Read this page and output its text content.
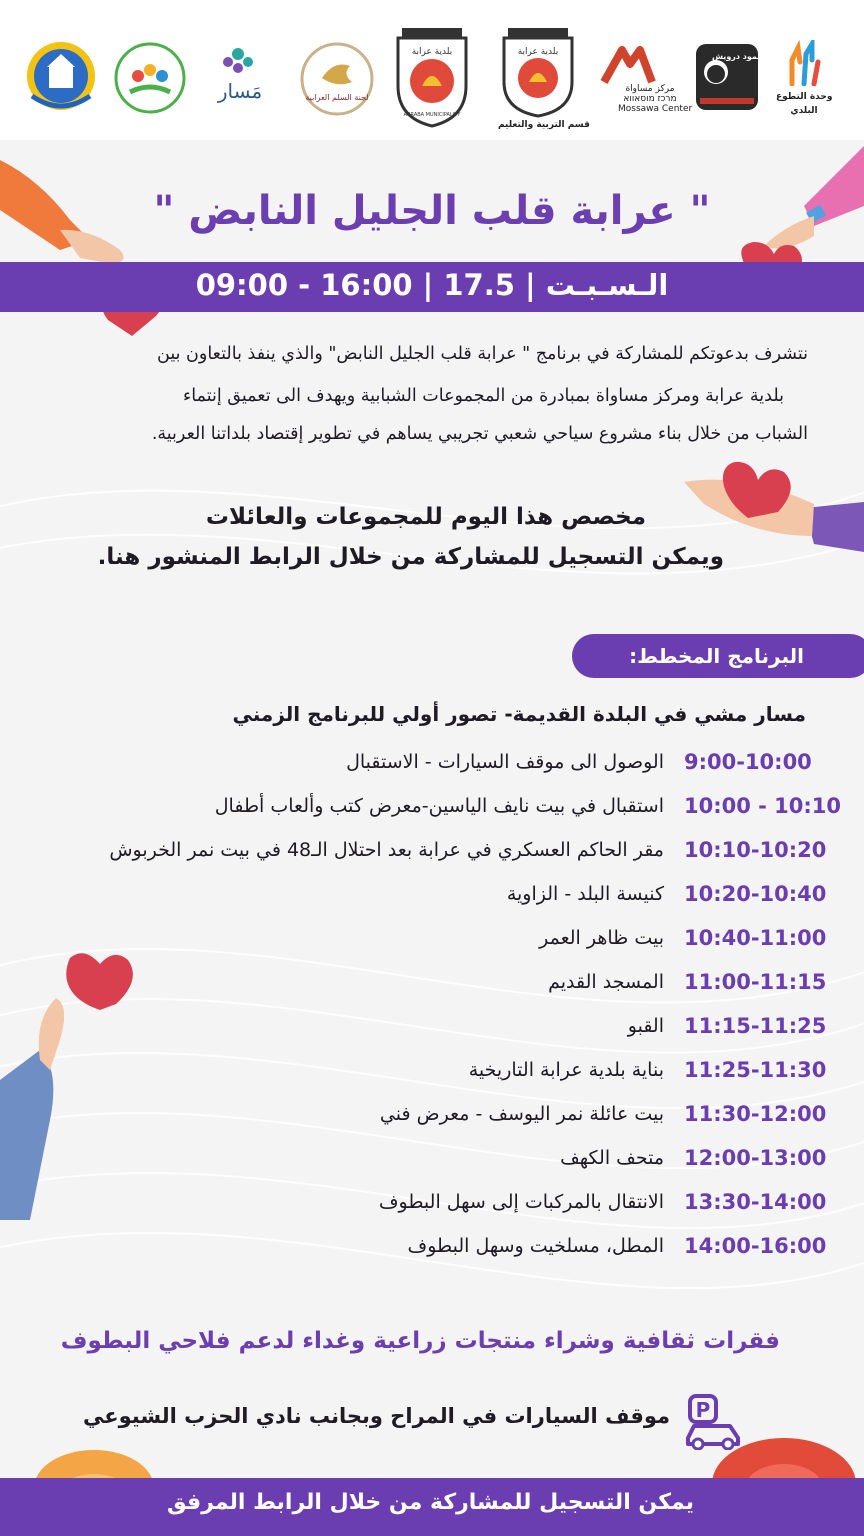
مَسار	لجنة السلم العرابية
بلدية عرابة
ARRABA MUNICIPALITY
بلدية عرابة
قسم التربية والتعليم
مركز مساواة
מרכז מוסאווא
Mossawa Center
محمود درويش
وحدة التطوع
البلدي
" عرابة قلب الجليل النابض "
الـسـبـت | 17.5 | 16:00 - 09:00
نتشرف بدعوتكم للمشاركة في برنامج " عرابة قلب الجليل النابض" والذي ينفذ بالتعاون بين
بلدية عرابة ومركز مساواة بمبادرة من المجموعات الشبابية ويهدف الى تعميق إنتماء
الشباب من خلال بناء مشروع سياحي شعبي تجريبي يساهم في تطوير إقتصاد بلداتنا العربية.
مخصص هذا اليوم للمجموعات والعائلات
ويمكن التسجيل للمشاركة من خلال الرابط المنشور هنا.
البرنامج المخطط:
مسار مشي في البلدة القديمة- تصور أولي للبرنامج الزمني
9:00-10:00
الوصول الى موقف السيارات - الاستقبال
10:00 - 10:10
استقبال في بيت نايف الياسين-معرض كتب وألعاب أطفال
10:10-10:20
مقر الحاكم العسكري في عرابة بعد احتلال الـ48 في بيت نمر الخربوش
10:20-10:40
كنيسة البلد - الزاوية
10:40-11:00
بيت ظاهر العمر
11:00-11:15
المسجد القديم
11:15-11:25
القبو
11:25-11:30
بناية بلدية عرابة التاريخية
11:30-12:00
بيت عائلة نمر اليوسف - معرض فني
12:00-13:00
متحف الكهف
13:30-14:00
الانتقال بالمركبات إلى سهل البطوف
14:00-16:00
المطل، مسلخيت وسهل البطوف
فقرات ثقافية وشراء منتجات زراعية وغداء لدعم فلاحي البطوف
P
موقف السيارات في المراح وبجانب نادي الحزب الشيوعي
يمكن التسجيل للمشاركة من خلال الرابط المرفق
